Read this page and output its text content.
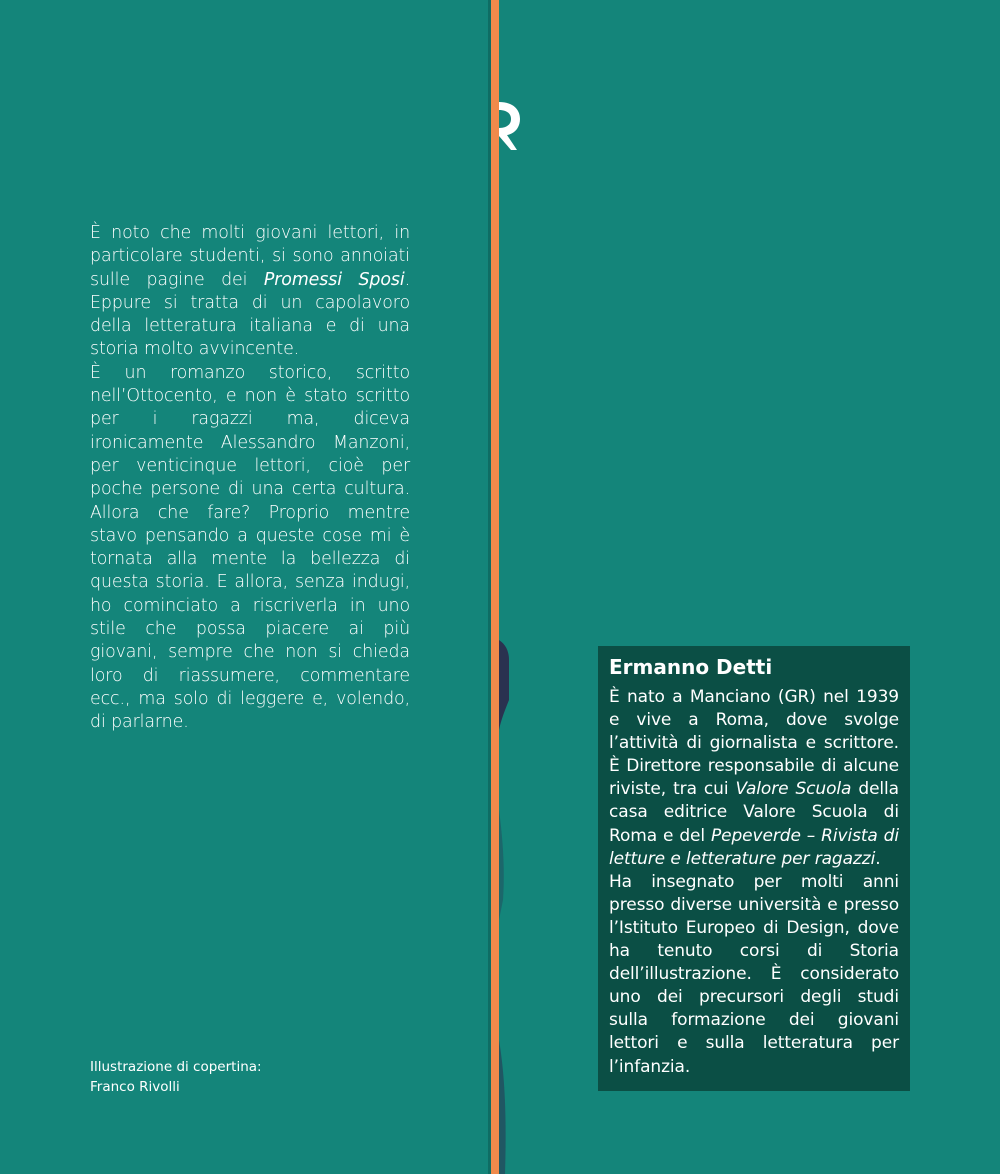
È noto che molti giovani lettori, in particolare studenti, si sono annoiati sulle pagine dei Promessi Sposi. Eppure si tratta di un capolavoro della letteratura italiana e di una storia molto avvincente.

È un romanzo storico, scritto nell’Ottocento, e non è stato scritto per i ragazzi ma, diceva ironicamente Alessandro Manzoni, per venticinque lettori, cioè per poche persone di una certa cultura. Allora che fare? Proprio mentre stavo pensando a queste cose mi è tornata alla mente la bellezza di questa storia. E allora, senza indugi, ho cominciato a riscriverla in uno stile che possa piacere ai più giovani, sempre che non si chieda loro di riassumere, commentare ecc., ma solo di leggere e, volendo, di parlarne.

Illustrazione di copertina:
Franco Rivolli
Ermanno Detti

È nato a Manciano (GR) nel 1939 e vive a Roma, dove svolge l’attività di giornalista e scrittore. È Direttore responsabile di alcune riviste, tra cui Valore Scuola della casa editrice Valore Scuola di Roma e del Pepeverde – Rivista di letture e letterature per ragazzi.

Ha insegnato per molti anni presso diverse università e presso l’Istituto Europeo di Design, dove ha tenuto corsi di Storia dell’illustrazione. È considerato uno dei precursori degli studi sulla formazione dei giovani lettori e sulla letteratura per l’infanzia.
